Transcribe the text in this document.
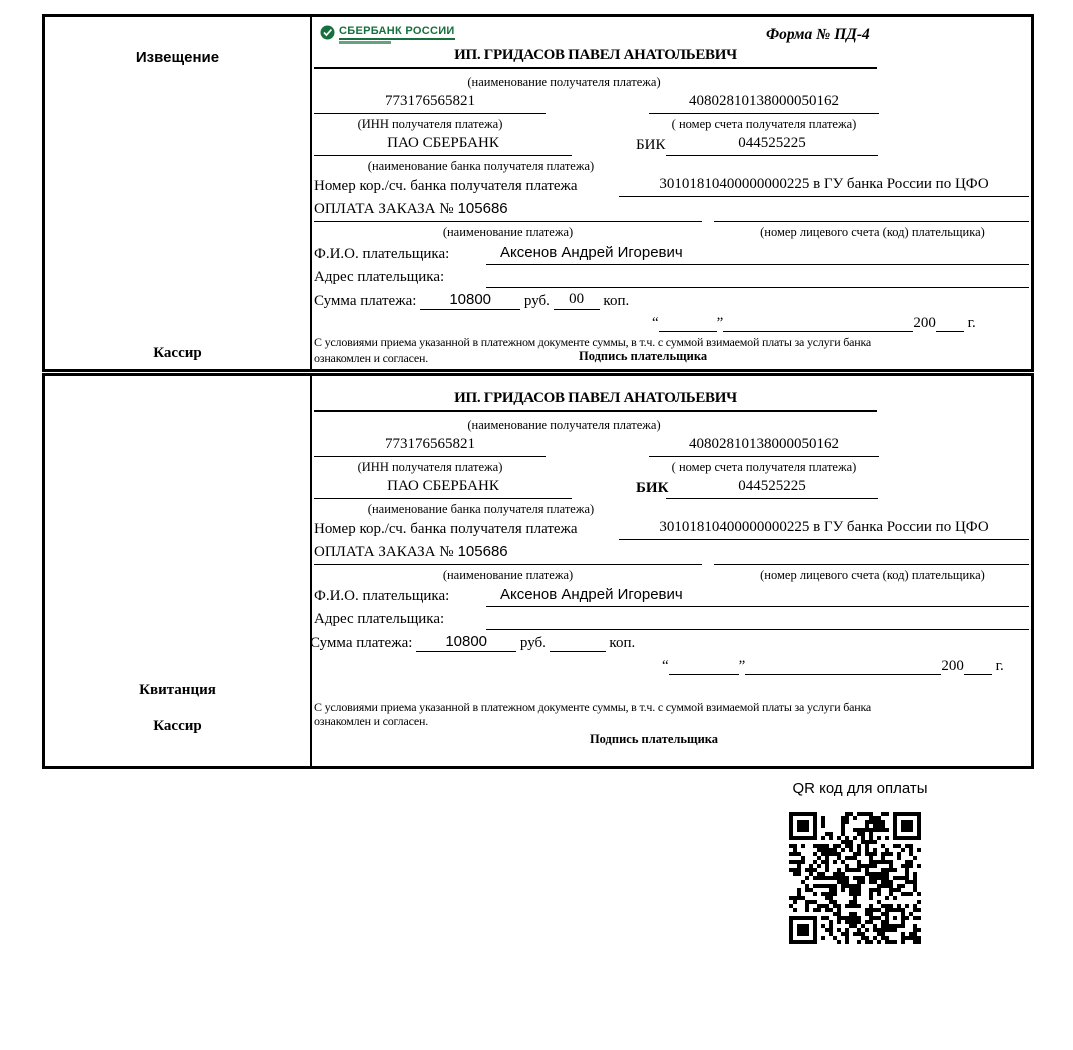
Извещение
Кассир
СБЕРБАНК РОССИИ	Форма № ПД-4
ИП. ГРИДАСОВ ПАВЕЛ АНАТОЛЬЕВИЧ
(наименование получателя платежа)
773176565821	40802810138000050162
(ИНН получателя платежа)	( номер счета получателя платежа)
ПАО СБЕРБАНК	БИК	044525225
(наименование банка получателя платежа)
Номер кор./сч. банка получателя платежа	30101810400000000225 в ГУ банка России по ЦФО
ОПЛАТА ЗАКАЗА № 105686
(наименование платежа)	(номер лицевого счета (код) плательщика)
Ф.И.О. плательщика:	Аксенов Андрей Игоревич
Адрес плательщика:
Сумма платежа: 10800 руб. 00 коп.
“	”	200 г.
С условиями приема указанной в платежном документе суммы, в т.ч. с суммой взимаемой платы за услуги банка
ознакомлен и согласен.	Подпись плательщика
Квитанция
Кассир
ИП. ГРИДАСОВ ПАВЕЛ АНАТОЛЬЕВИЧ
(наименование получателя платежа)
773176565821	40802810138000050162
(ИНН получателя платежа)	( номер счета получателя платежа)
ПАО СБЕРБАНК	БИК	044525225
(наименование банка получателя платежа)
Номер кор./сч. банка получателя платежа	30101810400000000225 в ГУ банка России по ЦФО
ОПЛАТА ЗАКАЗА № 105686
(наименование платежа)	(номер лицевого счета (код) плательщика)
Ф.И.О. плательщика:	Аксенов Андрей Игоревич
Адрес плательщика:
Сумма платежа: 10800 руб.	коп.
“	”	200 г.
С условиями приема указанной в платежном документе суммы, в т.ч. с суммой взимаемой платы за услуги банка
ознакомлен и согласен.
Подпись плательщика
QR код для оплаты
